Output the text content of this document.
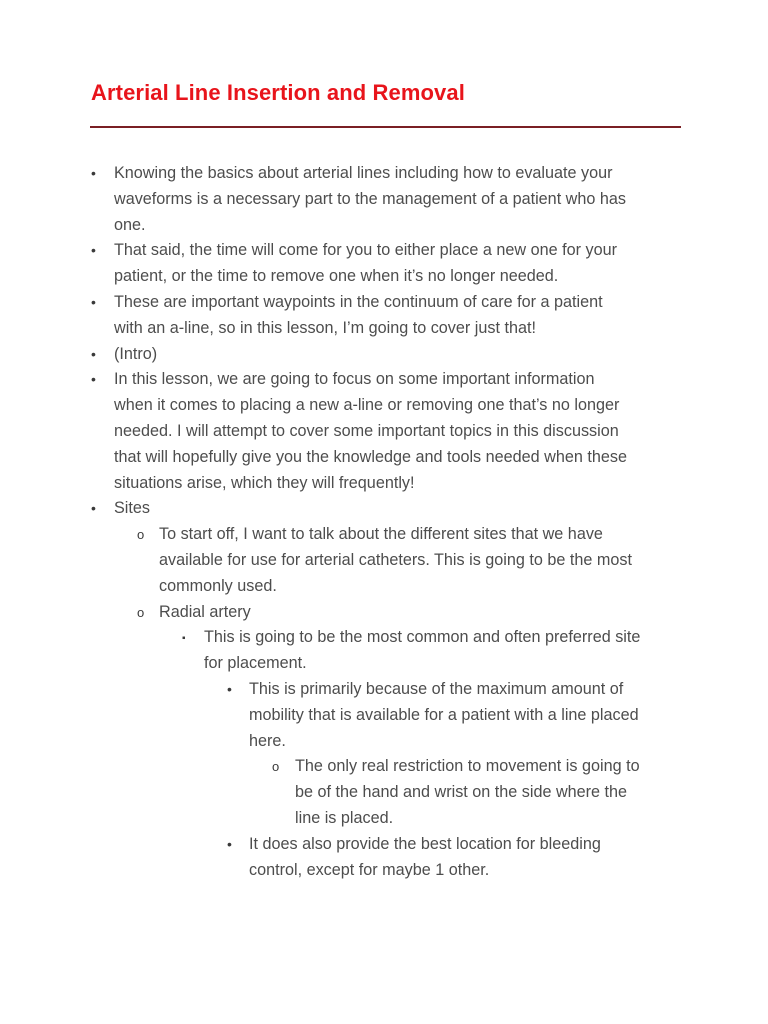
Arterial Line Insertion and Removal
• Knowing the basics about arterial lines including how to evaluate your
waveforms is a necessary part to the management of a patient who has
one.
• That said, the time will come for you to either place a new one for your
patient, or the time to remove one when it’s no longer needed.
• These are important waypoints in the continuum of care for a patient
with an a-line, so in this lesson, I’m going to cover just that!
• (Intro)
• In this lesson, we are going to focus on some important information
when it comes to placing a new a-line or removing one that’s no longer
needed. I will attempt to cover some important topics in this discussion
that will hopefully give you the knowledge and tools needed when these
situations arise, which they will frequently!
• Sites
o To start off, I want to talk about the different sites that we have
available for use for arterial catheters. This is going to be the most
commonly used.
o Radial artery
▪ This is going to be the most common and often preferred site
for placement.
• This is primarily because of the maximum amount of
mobility that is available for a patient with a line placed
here.
o The only real restriction to movement is going to
be of the hand and wrist on the side where the
line is placed.
• It does also provide the best location for bleeding
control, except for maybe 1 other.
